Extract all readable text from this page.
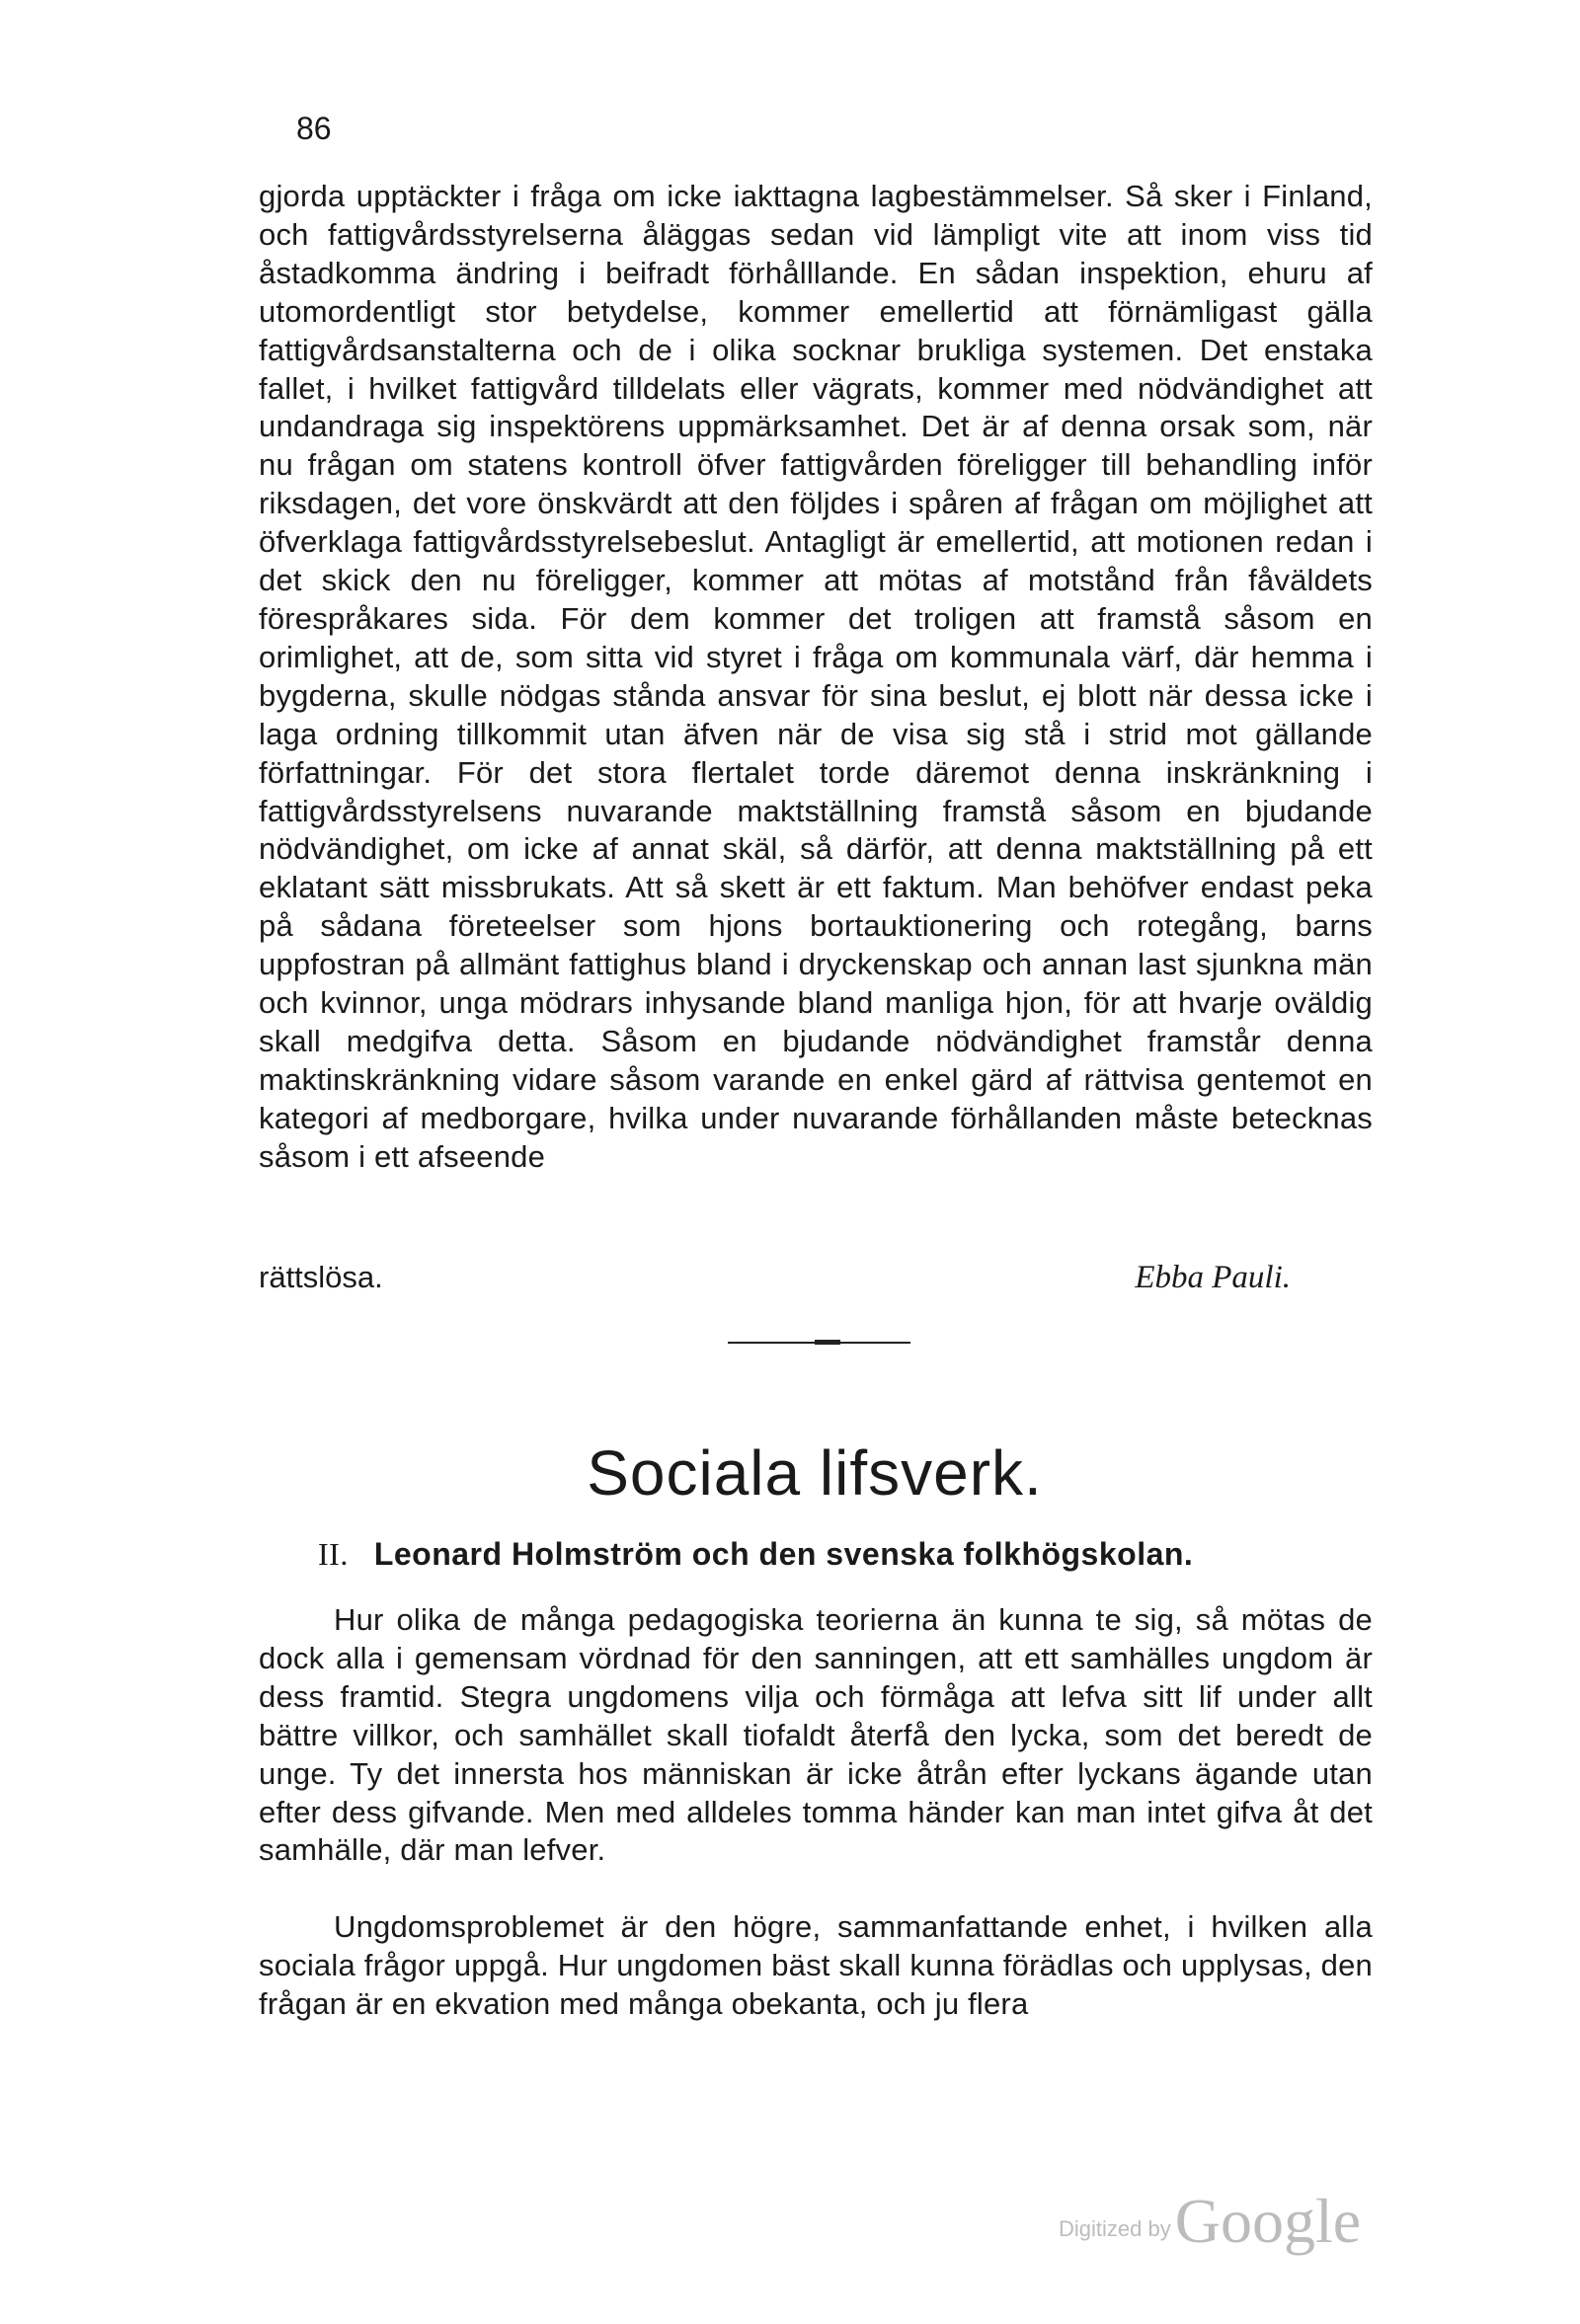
86

gjorda upptäckter i fråga om icke iakttagna lagbestämmelser. Så sker i Finland, och fattigvårdsstyrelserna åläggas sedan vid lämpligt vite att inom viss tid åstadkomma ändring i beifradt förhålllande. En sådan inspektion, ehuru af utomordentligt stor betydelse, kommer emellertid att förnämligast gälla fattigvårdsanstalterna och de i olika socknar brukliga systemen. Det enstaka fallet, i hvilket fattigvård tilldelats eller vägrats, kommer med nödvändighet att undandraga sig inspektörens uppmärksamhet. Det är af denna orsak som, när nu frågan om statens kontroll öfver fattigvården föreligger till behandling inför riksdagen, det vore önskvärdt att den följdes i spåren af frågan om möjlighet att öfverklaga fattigvårdsstyrelsebeslut. Antagligt är emellertid, att motionen redan i det skick den nu föreligger, kommer att mötas af motstånd från fåväldets förespråkares sida. För dem kommer det troligen att framstå såsom en orimlighet, att de, som sitta vid styret i fråga om kommunala värf, där hemma i bygderna, skulle nödgas stånda ansvar för sina beslut, ej blott när dessa icke i laga ordning tillkommit utan äfven när de visa sig stå i strid mot gällande författningar. För det stora flertalet torde däremot denna inskränkning i fattigvårdsstyrelsens nuvarande maktställning framstå såsom en bjudande nödvändighet, om icke af annat skäl, så därför, att denna maktställning på ett eklatant sätt missbrukats. Att så skett är ett faktum. Man behöfver endast peka på sådana företeelser som hjons bortauktionering och rotegång, barns uppfostran på allmänt fattighus bland i dryckenskap och annan last sjunkna män och kvinnor, unga mödrars inhysande bland manliga hjon, för att hvarje oväldig skall medgifva detta. Såsom en bjudande nödvändighet framstår denna maktinskränkning vidare såsom varande en enkel gärd af rättvisa gentemot en kategori af medborgare, hvilka under nuvarande förhållanden måste betecknas såsom i ett afseende

rättslösa.	Ebba Pauli.
Sociala lifsverk.
II. Leonard Holmström och den svenska folkhögskolan.

Hur olika de många pedagogiska teorierna än kunna te sig, så mötas de dock alla i gemensam vördnad för den sanningen, att ett samhälles ungdom är dess framtid. Stegra ungdomens vilja och förmåga att lefva sitt lif under allt bättre villkor, och samhället skall tiofaldt återfå den lycka, som det beredt de unge. Ty det innersta hos människan är icke åtrån efter lyckans ägande utan efter dess gifvande. Men med alldeles tomma händer kan man intet gifva åt det samhälle, där man lefver.

Ungdomsproblemet är den högre, sammanfattande enhet, i hvilken alla sociala frågor uppgå. Hur ungdomen bäst skall kunna förädlas och upplysas, den frågan är en ekvation med många obekanta, och ju flera

Digitized by Google
